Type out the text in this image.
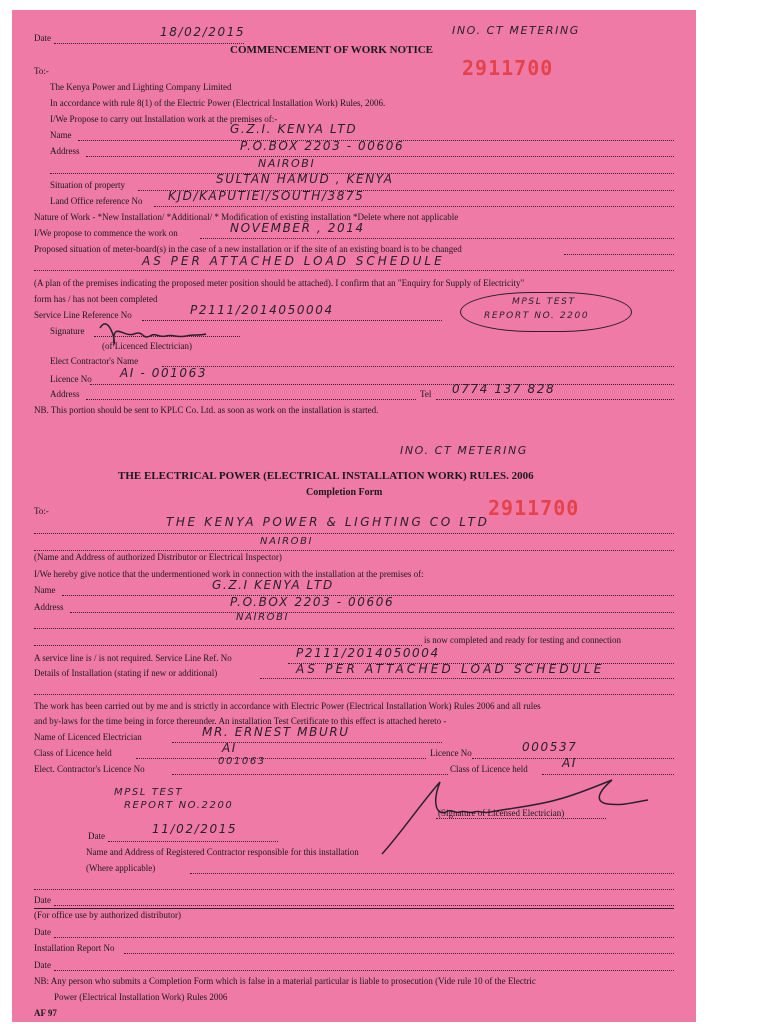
Date	18/02/2015	INO. CT METERING
COMMENCEMENT OF WORK NOTICE
2911700
To:-
The Kenya Power and Lighting Company Limited
In accordance with rule 8(1) of the Electric Power (Electrical Installation Work) Rules, 2006.
I/We Propose to carry out Installation work at the premises of:-
Name	G.Z.I. KENYA LTD
Address	P.O.BOX 2203 - 00606
NAIROBI
Situation of property	SULTAN HAMUD , KENYA
Land Office reference No KJD/KAPUTIEI/SOUTH/3875
Nature of Work - *New Installation/ *Additional/ * Modification of existing installation *Delete where not applicable
I/We propose to commence the work on	NOVEMBER , 2014
Proposed situation of meter-board(s) in the case of a new installation or if the site of an existing board is to be changed
AS PER ATTACHED LOAD SCHEDULE
(A plan of the premises indicating the proposed meter position should be attached). I confirm that an "Enquiry for Supply of Electricity"
form has / has not been completed
Service Line Reference No	P2111/2014050004
MPSL TEST
REPORT NO. 2200
Signature
(of Licenced Electrician)
Elect Contractor's Name
Licence No AI - 001063
Address	Tel 0774 137 828
NB. This portion should be sent to KPLC Co. Ltd. as soon as work on the installation is started.
INO. CT METERING
THE ELECTRICAL POWER (ELECTRICAL INSTALLATION WORK) RULES. 2006
Completion Form
2911700
To:-
THE KENYA POWER & LIGHTING CO LTD
NAIROBI
(Name and Address of authorized Distributor or Electrical Inspector)
I/We hereby give notice that the undermentioned work in connection with the installation at the premises of:
Name	G.Z.I KENYA LTD
Address	P.O.BOX 2203 - 00606
NAIROBI
is now completed and ready for testing and connection
A service line is / is not required. Service Line Ref. No	P2111/2014050004
Details of Installation (stating if new or additional)	AS PER ATTACHED LOAD SCHEDULE
The work has been carried out by me and is strictly in accordance with Electric Power (Electrical Installation Work) Rules 2006 and all rules
and by-laws for the time being in force thereunder. An installation Test Certificate to this effect is attached hereto -
Name of Licenced Electrician	MR. ERNEST MBURU
Class of Licence held	AI	Licence No	000537
Elect. Contractor's Licence No
001063
Class of Licence held	AI
MPSL TEST
REPORT NO.2200
(Signature of Licensed Electrician)
Date	11/02/2015
Name and Address of Registered Contractor responsible for this installation
(Where applicable)
Date
(For office use by authorized distributor)
Date
Installation Report No
Date
NB: Any person who submits a Completion Form which is false in a material particular is liable to prosecution (Vide rule 10 of the Electric
Power (Electrical Installation Work) Rules 2006
AF 97
